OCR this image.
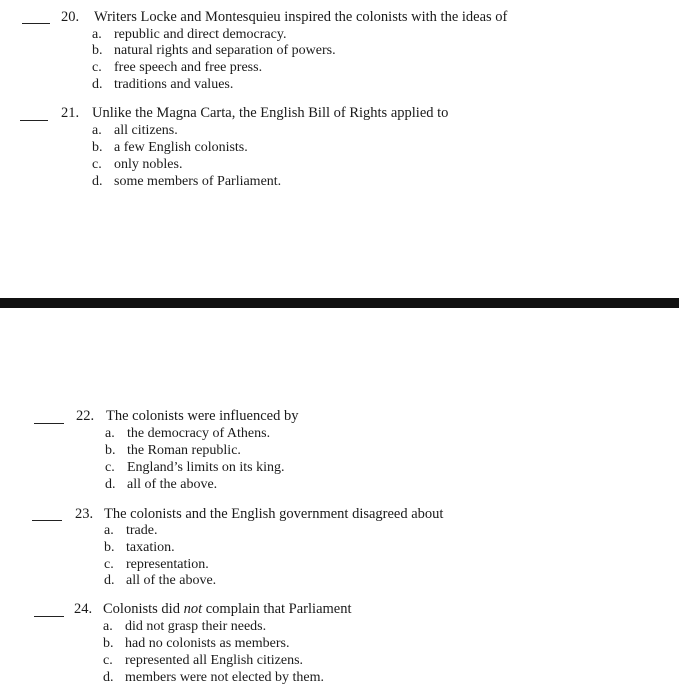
20. Writers Locke and Montesquieu inspired the colonists with the ideas of
a. republic and direct democracy.
b. natural rights and separation of powers.
c. free speech and free press.
d. traditions and values.
21. Unlike the Magna Carta, the English Bill of Rights applied to
a. all citizens.
b. a few English colonists.
c. only nobles.
d. some members of Parliament.
22. The colonists were influenced by
a. the democracy of Athens.
b. the Roman republic.
c. England’s limits on its king.
d. all of the above.
23. The colonists and the English government disagreed about
a. trade.
b. taxation.
c. representation.
d. all of the above.
24. Colonists did not complain that Parliament
a. did not grasp their needs.
b. had no colonists as members.
c. represented all English citizens.
d. members were not elected by them.
